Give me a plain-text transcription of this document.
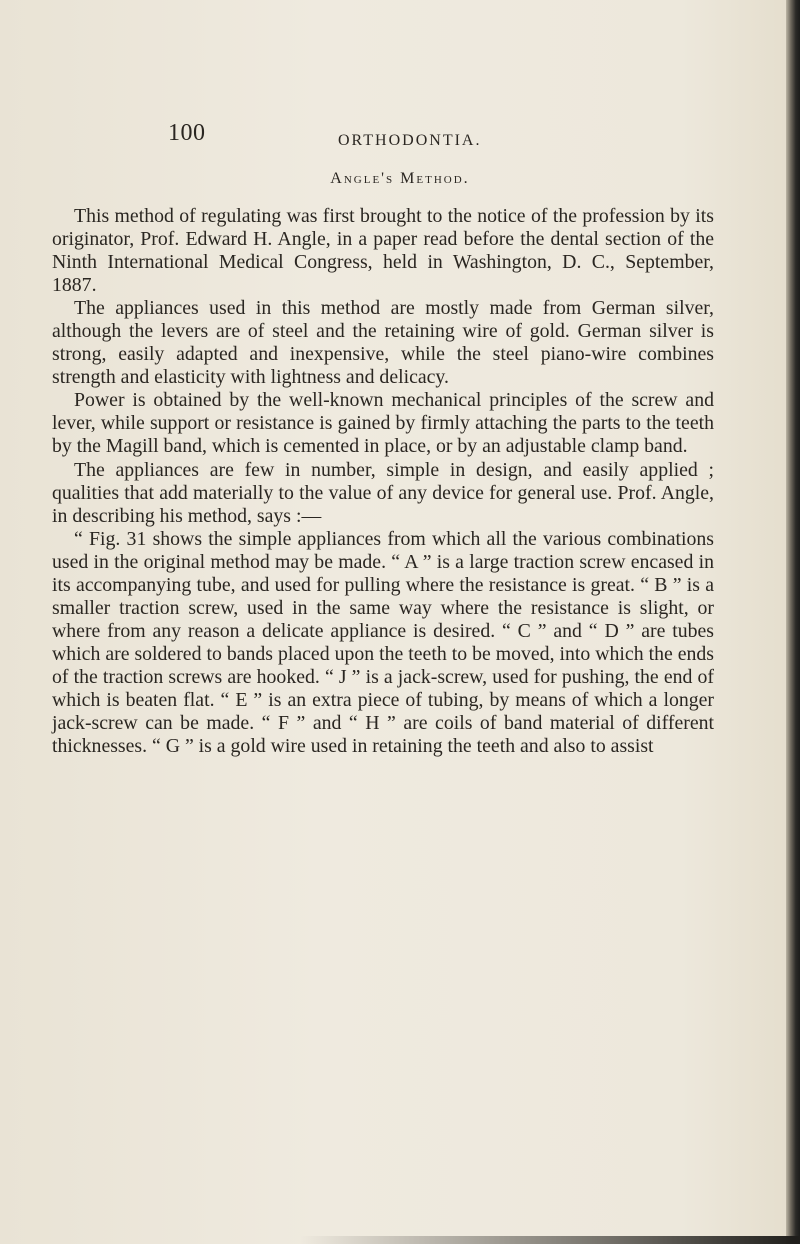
100	ORTHODONTIA.
Angle's Method.

This method of regulating was first brought to the notice of the profession by its originator, Prof. Edward H. Angle, in a paper read before the dental section of the Ninth International Medical Congress, held in Washington, D. C., September, 1887.

The appliances used in this method are mostly made from German silver, although the levers are of steel and the retaining wire of gold. German silver is strong, easily adapted and inexpensive, while the steel piano-wire combines strength and elasticity with lightness and delicacy.

Power is obtained by the well-known mechanical principles of the screw and lever, while support or resistance is gained by firmly attaching the parts to the teeth by the Magill band, which is cemented in place, or by an adjustable clamp band.

The appliances are few in number, simple in design, and easily applied ; qualities that add materially to the value of any device for general use. Prof. Angle, in describing his method, says :—

“ Fig. 31 shows the simple appliances from which all the various combinations used in the original method may be made. “ A ” is a large traction screw encased in its accompanying tube, and used for pulling where the resistance is great. “ B ” is a smaller traction screw, used in the same way where the resistance is slight, or where from any reason a delicate appliance is desired. “ C ” and “ D ” are tubes which are soldered to bands placed upon the teeth to be moved, into which the ends of the traction screws are hooked. “ J ” is a jack-screw, used for pushing, the end of which is beaten flat. “ E ” is an extra piece of tubing, by means of which a longer jack-screw can be made. “ F ” and “ H ” are coils of band material of different thicknesses. “ G ” is a gold wire used in retaining the teeth and also to assist
